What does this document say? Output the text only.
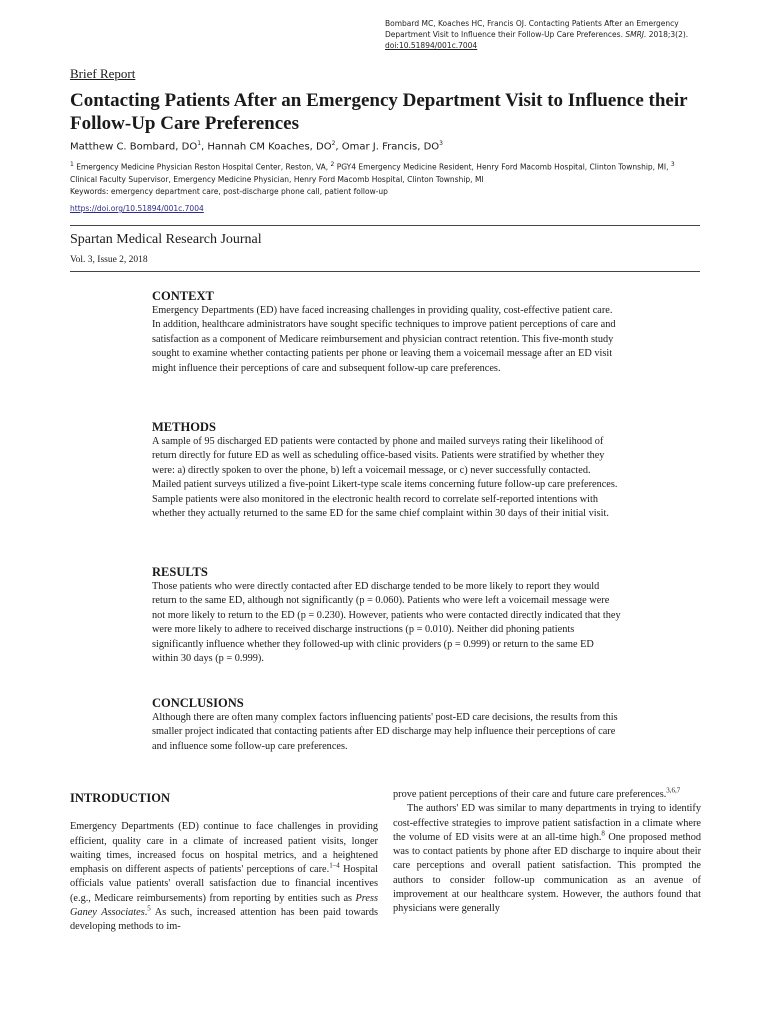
Bombard MC, Koaches HC, Francis OJ. Contacting Patients After an Emergency Department Visit to Influence their Follow-Up Care Preferences. SMRJ. 2018;3(2).
doi:10.51894/001c.7004
Brief Report
Contacting Patients After an Emergency Department Visit to Influence their Follow-Up Care Preferences
Matthew C. Bombard, $DO^1$, Hannah CM Koaches, $DO^2$, Omar J. Francis, $DO^3$
$^1$ Emergency Medicine Physician Reston Hospital Center, Reston, VA, $^2$ PGY4 Emergency Medicine Resident, Henry Ford Macomb Hospital, Clinton Township, MI, $^3$ Clinical Faculty Supervisor, Emergency Medicine Physician, Henry Ford Macomb Hospital, Clinton Township, MI
Keywords: emergency department care, post-discharge phone call, patient follow-up
https://doi.org/10.51894/001c.7004
Spartan Medical Research Journal
Vol. 3, Issue 2, 2018
CONTEXT

Emergency Departments (ED) have faced increasing challenges in providing quality, cost-effective patient care. In addition, healthcare administrators have sought specific techniques to improve patient perceptions of care and satisfaction as a component of Medicare reimbursement and physician contract retention. This five-month study sought to examine whether contacting patients per phone or leaving them a voicemail message after an ED visit might influence their perceptions of care and subsequent follow-up care preferences.

METHODS

A sample of 95 discharged ED patients were contacted by phone and mailed surveys rating their likelihood of return directly for future ED as well as scheduling office-based visits. Patients were stratified by whether they were: a) directly spoken to over the phone, b) left a voicemail message, or c) never successfully contacted. Mailed patient surveys utilized a five-point Likert-type scale items concerning future follow-up care preferences. Sample patients were also monitored in the electronic health record to correlate self-reported intentions with whether they actually returned to the same ED for the same chief complaint within 30 days of their initial visit.

RESULTS

Those patients who were directly contacted after ED discharge tended to be more likely to report they would return to the same ED, although not significantly (p = 0.060). Patients who were left a voicemail message were not more likely to return to the ED (p = 0.230). However, patients who were contacted directly indicated that they were more likely to adhere to received discharge instructions (p = 0.010). Neither did phoning patients significantly influence whether they followed-up with clinic providers (p = 0.999) or return to the same ED within 30 days (p = 0.999).

CONCLUSIONS

Although there are often many complex factors influencing patients' post-ED care decisions, the results from this smaller project indicated that contacting patients after ED discharge may help influence their perceptions of care and influence some follow-up care preferences.

INTRODUCTION

Emergency Departments (ED) continue to face challenges in providing efficient, quality care in a climate of increased patient visits, longer waiting times, increased focus on hospital metrics, and a heightened emphasis on different aspects of patients' perceptions of care.$^{1-4}$ Hospital officials value patients' overall satisfaction due to financial incentives (e.g., Medicare reimbursements) from reporting by entities such as Press Ganey Associates.$^5$ As such, increased attention has been paid towards developing methods to im-

prove patient perceptions of their care and future care preferences.$^{3,6,7}$

The authors' ED was similar to many departments in trying to identify cost-effective strategies to improve patient satisfaction in a climate where the volume of ED visits were at an all-time high.$^8$ One proposed method was to contact patients by phone after ED discharge to inquire about their care perceptions and overall patient satisfaction. This prompted the authors to consider follow-up communication as an avenue of improvement at our healthcare system. However, the authors found that physicians were generally
